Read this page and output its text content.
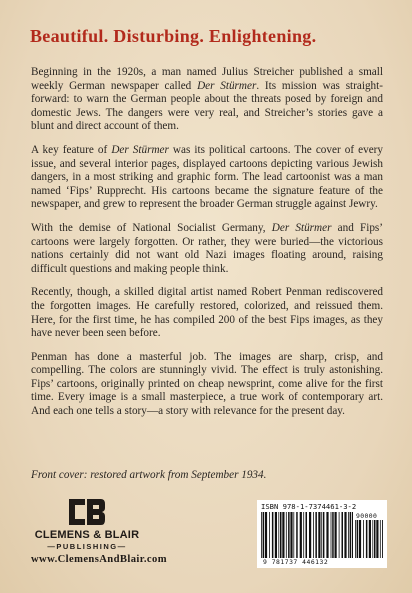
Beautiful. Disturbing. Enlightening.

Beginning in the 1920s, a man named Julius Streicher published a small weekly German newspaper called Der Stürmer. Its mission was straightforward: to warn the German people about the threats posed by foreign and domestic Jews. The dangers were very real, and Streicher’s stories gave a blunt and direct account of them.

A key feature of Der Stürmer was its political cartoons. The cover of every issue, and several interior pages, displayed cartoons depicting various Jewish dangers, in a most striking and graphic form. The lead cartoonist was a man named ‘Fips’ Rupprecht. His cartoons became the signature feature of the newspaper, and grew to represent the broader German struggle against Jewry.

With the demise of National Socialist Germany, Der Stürmer and Fips’ cartoons were largely forgotten. Or rather, they were buried—the victorious nations certainly did not want old Nazi images floating around, raising difficult questions and making people think.

Recently, though, a skilled digital artist named Robert Penman rediscovered the forgotten images. He carefully restored, colorized, and reissued them. Here, for the first time, he has compiled 200 of the best Fips images, as they have never been seen before.

Penman has done a masterful job. The images are sharp, crisp, and compelling. The colors are stunningly vivid. The effect is truly astonishing. Fips’ cartoons, originally printed on cheap newsprint, come alive for the first time. Every image is a small masterpiece, a true work of contemporary art. And each one tells a story—a story with relevance for the present day.

Front cover: restored artwork from September 1934.
CLEMENS & BLAIR
—PUBLISHING—
www.ClemensAndBlair.com
ISBN 978-1-7374461-3-2
90000
9 781737 446132
